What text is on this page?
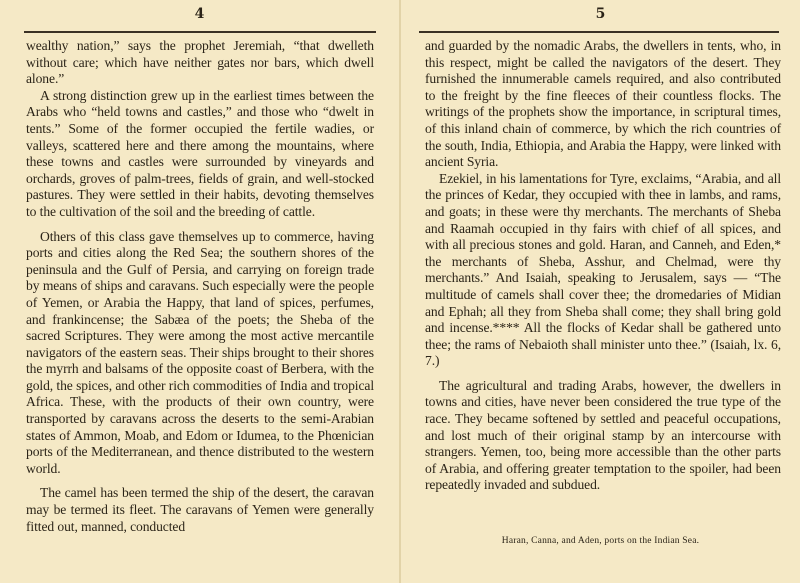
4

wealthy nation,” says the prophet Jeremiah, “that dwelleth without care; which have neither gates nor bars, which dwell alone.”

A strong distinction grew up in the earliest times between the Arabs who “held towns and castles,” and those who “dwelt in tents.” Some of the former occupied the fertile wadies, or valleys, scattered here and there among the mountains, where these towns and castles were surrounded by vineyards and orchards, groves of palm-trees, fields of grain, and well-stocked pastures. They were settled in their habits, devoting themselves to the cultivation of the soil and the breeding of cattle.

Others of this class gave themselves up to commerce, having ports and cities along the Red Sea; the southern shores of the peninsula and the Gulf of Persia, and carrying on foreign trade by means of ships and caravans. Such especially were the people of Yemen, or Arabia the Happy, that land of spices, perfumes, and frankincense; the Sabæa of the poets; the Sheba of the sacred Scriptures. They were among the most active mercantile navigators of the eastern seas. Their ships brought to their shores the myrrh and balsams of the opposite coast of Berbera, with the gold, the spices, and other rich commodities of India and tropical Africa. These, with the products of their own country, were transported by caravans across the deserts to the semi-Arabian states of Ammon, Moab, and Edom or Idumea, to the Phœnician ports of the Mediterranean, and thence distributed to the western world.

The camel has been termed the ship of the desert, the caravan may be termed its fleet. The caravans of Yemen were generally fitted out, manned, conducted

5

and guarded by the nomadic Arabs, the dwellers in tents, who, in this respect, might be called the navigators of the desert. They furnished the innumerable camels required, and also contributed to the freight by the fine fleeces of their countless flocks. The writings of the prophets show the importance, in scriptural times, of this inland chain of commerce, by which the rich countries of the south, India, Ethiopia, and Arabia the Happy, were linked with ancient Syria.

Ezekiel, in his lamentations for Tyre, exclaims, “Arabia, and all the princes of Kedar, they occupied with thee in lambs, and rams, and goats; in these were thy merchants. The merchants of Sheba and Raamah occupied in thy fairs with chief of all spices, and with all precious stones and gold. Haran, and Canneh, and Eden,* the merchants of Sheba, Asshur, and Chelmad, were thy merchants.” And Isaiah, speaking to Jerusalem, says — “The multitude of camels shall cover thee; the dromedaries of Midian and Ephah; all they from Sheba shall come; they shall bring gold and incense.**** All the flocks of Kedar shall be gathered unto thee; the rams of Nebaioth shall minister unto thee.” (Isaiah, lx. 6, 7.)

The agricultural and trading Arabs, however, the dwellers in towns and cities, have never been considered the true type of the race. They became softened by settled and peaceful occupations, and lost much of their original stamp by an intercourse with strangers. Yemen, too, being more accessible than the other parts of Arabia, and offering greater temptation to the spoiler, had been repeatedly invaded and subdued.

Haran, Canna, and Aden, ports on the Indian Sea.
